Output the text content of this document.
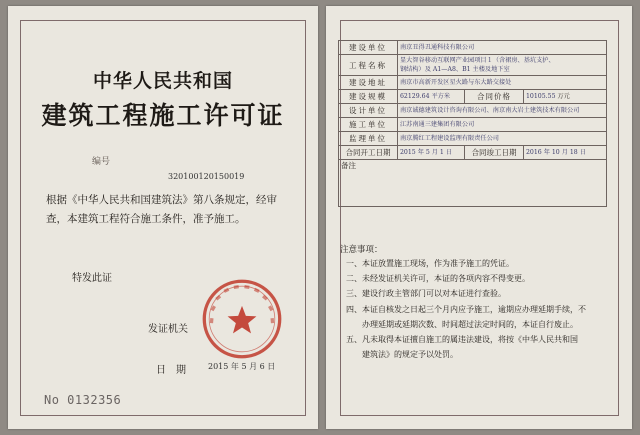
中华人民共和国
建筑工程施工许可证
编号
320100120150019
根据《中华人民共和国建筑法》第八条规定，经审查，本建筑工程符合施工条件，准予施工。
特发此证
发证机关
日　期	2015 年 5 月 6 日
No 0132356
建设单位	南京丑得丑通科技有限公司		
工程名称	显大智谷移动互联网产业园项目１（含裙房、基坑支护、
钢结构）及 A1—A8、B1 主楼及地下室		

建设地址	南京市高新开发区星火路与东大路交接处		
建设规模	62129.64 平方米	合同价格	10105.55 万元
设计单位	南京诚德建筑设计咨询有限公司、南京南大岩土建筑技术有限公司		
施工单位	江苏南通三建集团有限公司		
监理单位	南京腾红工程建设监理有限责任公司		
合同开工日期	2015 年 5 月 1 日	合同竣工日期	2016 年 10 月 18 日
备注			
注意事项：
一、本证放置施工现场，作为准予施工的凭证。
二、未经发证机关许可，本证的各项内容不得变更。
三、建设行政主管部门可以对本证进行查验。
四、本证自核发之日起三个月内应予施工，逾期应办理延期手续，不
　　办理延期或延期次数、时间超过法定时间的，本证自行废止。
五、凡未取得本证擅自施工的属违法建设，将按《中华人民共和国
　　建筑法》的规定予以处罚。
